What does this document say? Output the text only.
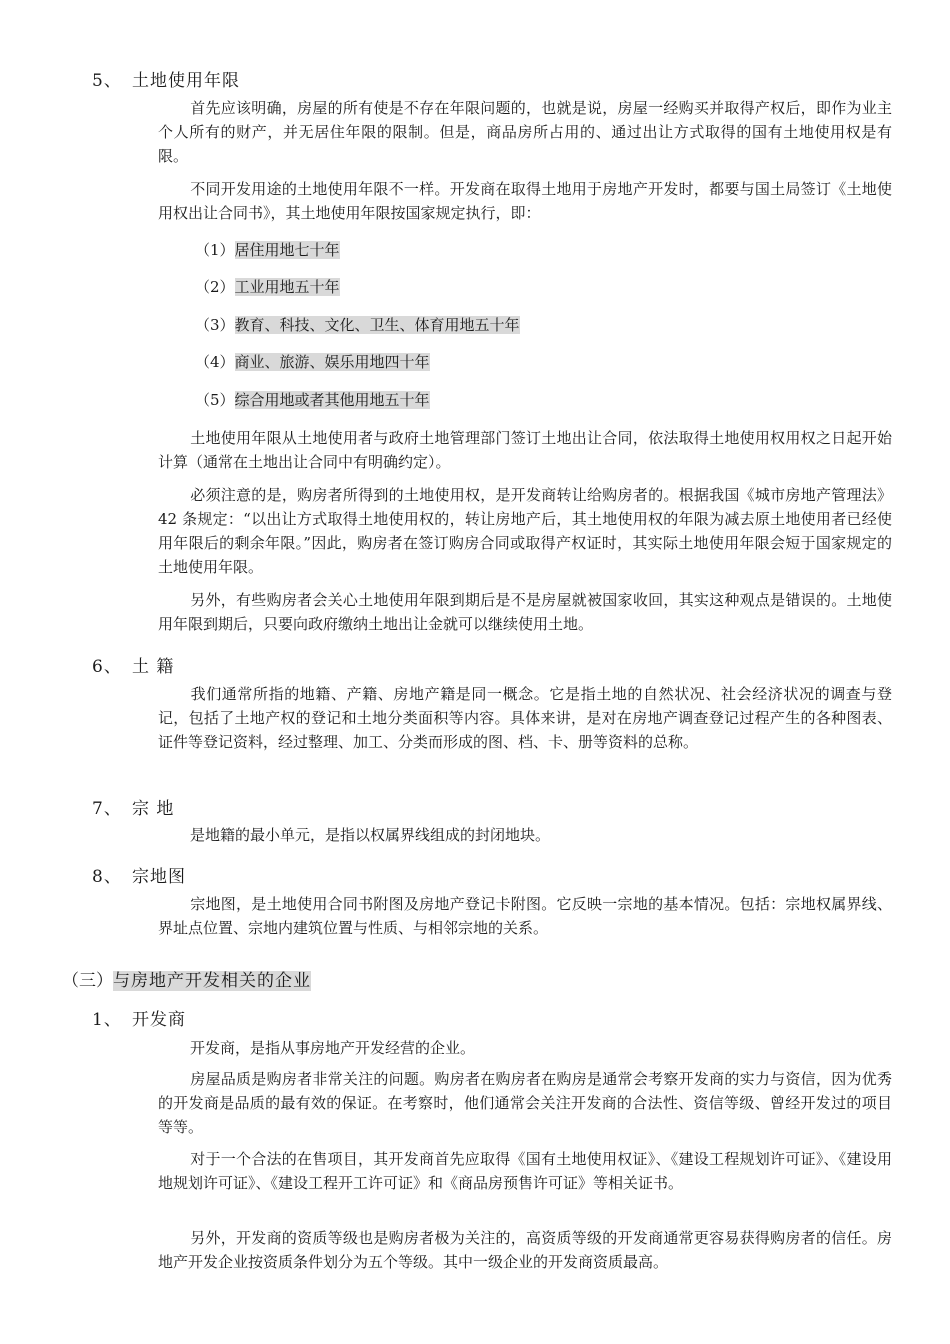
5、 土地使用年限

首先应该明确，房屋的所有使是不存在年限问题的，也就是说，房屋一经购买并取得产权后，即作为业主个人所有的财产，并无居住年限的限制。但是，商品房所占用的、通过出让方式取得的国有土地使用权是有限。

不同开发用途的土地使用年限不一样。开发商在取得土地用于房地产开发时，都要与国土局签订《土地使用权出让合同书》，其土地使用年限按国家规定执行，即：

（1）居住用地七十年
（2）工业用地五十年
（3）教育、科技、文化、卫生、体育用地五十年
（4）商业、旅游、娱乐用地四十年
（5）综合用地或者其他用地五十年

土地使用年限从土地使用者与政府土地管理部门签订土地出让合同，依法取得土地使用权用权之日起开始计算（通常在土地出让合同中有明确约定）。

必须注意的是，购房者所得到的土地使用权，是开发商转让给购房者的。根据我国《城市房地产管理法》42 条规定：“以出让方式取得土地使用权的，转让房地产后，其土地使用权的年限为减去原土地使用者已经使用年限后的剩余年限。”因此，购房者在签订购房合同或取得产权证时，其实际土地使用年限会短于国家规定的土地使用年限。

另外，有些购房者会关心土地使用年限到期后是不是房屋就被国家收回，其实这种观点是错误的。土地使用年限到期后，只要向政府缴纳土地出让金就可以继续使用土地。

6、 土 籍

我们通常所指的地籍、产籍、房地产籍是同一概念。它是指土地的自然状况、社会经济状况的调查与登记，包括了土地产权的登记和土地分类面积等内容。具体来讲，是对在房地产调查登记过程产生的各种图表、证件等登记资料，经过整理、加工、分类而形成的图、档、卡、册等资料的总称。

7、 宗 地

是地籍的最小单元，是指以权属界线组成的封闭地块。

8、 宗地图

宗地图，是土地使用合同书附图及房地产登记卡附图。它反映一宗地的基本情况。包括：宗地权属界线、界址点位置、宗地内建筑位置与性质、与相邻宗地的关系。

（三）与房地产开发相关的企业
1、 开发商

开发商，是指从事房地产开发经营的企业。

房屋品质是购房者非常关注的问题。购房者在购房者在购房是通常会考察开发商的实力与资信，因为优秀的开发商是品质的最有效的保证。在考察时，他们通常会关注开发商的合法性、资信等级、曾经开发过的项目等等。

对于一个合法的在售项目，其开发商首先应取得《国有土地使用权证》、《建设工程规划许可证》、《建设用地规划许可证》、《建设工程开工许可证》和《商品房预售许可证》等相关证书。

另外，开发商的资质等级也是购房者极为关注的，高资质等级的开发商通常更容易获得购房者的信任。房地产开发企业按资质条件划分为五个等级。其中一级企业的开发商资质最高。
